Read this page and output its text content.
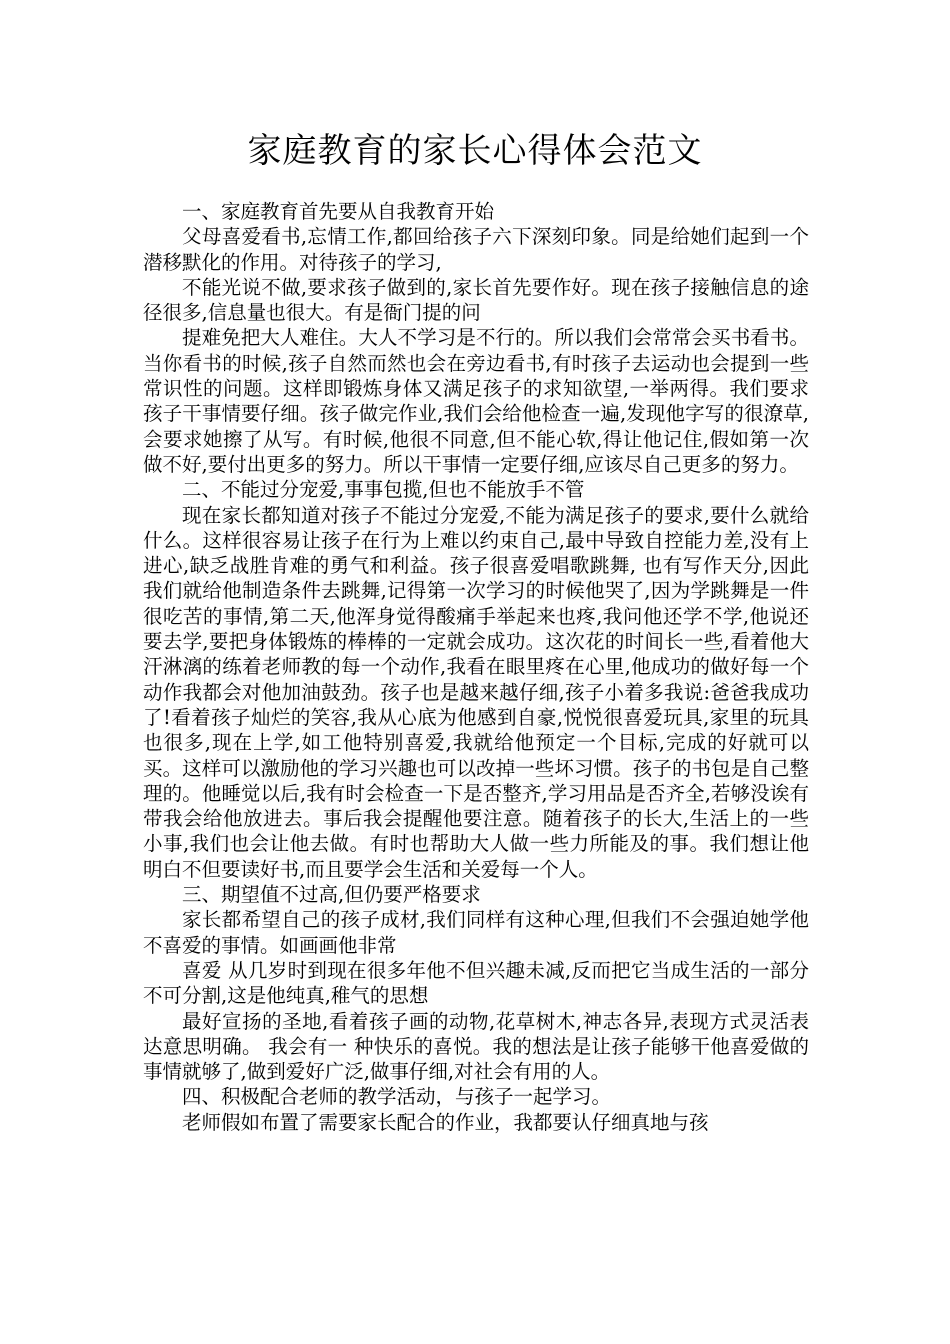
家庭教育的家长心得体会范文

一、家庭教育首先要从自我教育开始

父母喜爱看书,忘情工作,都回给孩子六下深刻印象。同是给她们起到一个潜移默化的作用。对待孩子的学习,

不能光说不做,要求孩子做到的,家长首先要作好。现在孩子接触信息的途径很多,信息量也很大。有是衙门提的问

提难免把大人难住。大人不学习是不行的。所以我们会常常会买书看书。当你看书的时候,孩子自然而然也会在旁边看书,有时孩子去运动也会提到一些常识性的问题。这样即锻炼身体又满足孩子的求知欲望,一举两得。我们要求孩子干事情要仔细。孩子做完作业,我们会给他检查一遍,发现他字写的很潦草,会要求她擦了从写。有时候,他很不同意,但不能心软,得让他记住,假如第一次做不好,要付出更多的努力。所以干事情一定要仔细,应该尽自己更多的努力。

二、不能过分宠爱,事事包揽,但也不能放手不管

现在家长都知道对孩子不能过分宠爱,不能为满足孩子的要求,要什么就给什么。这样很容易让孩子在行为上难以约束自己,最中导致自控能力差,没有上进心,缺乏战胜肯难的勇气和利益。孩子很喜爱唱歌跳舞, 也有写作天分,因此我们就给他制造条件去跳舞,记得第一次学习的时候他哭了,因为学跳舞是一件很吃苦的事情,第二天,他浑身觉得酸痛手举起来也疼,我问他还学不学,他说还要去学,要把身体锻炼的棒棒的一定就会成功。这次花的时间长一些,看着他大汗淋漓的练着老师教的每一个动作,我看在眼里疼在心里,他成功的做好每一个动作我都会对他加油鼓劲。孩子也是越来越仔细,孩子小着多我说:爸爸我成功了!看着孩子灿烂的笑容,我从心底为他感到自豪,悦悦很喜爱玩具,家里的玩具也很多,现在上学,如工他特别喜爱,我就给他预定一个目标,完成的好就可以买。这样可以激励他的学习兴趣也可以改掉一些坏习惯。孩子的书包是自己整理的。他睡觉以后,我有时会检查一下是否整齐,学习用品是否齐全,若够没诶有带我会给他放进去。事后我会提醒他要注意。随着孩子的长大,生活上的一些小事,我们也会让他去做。有时也帮助大人做一些力所能及的事。我们想让他明白不但要读好书,而且要学会生活和关爱每一个人。

三、期望值不过高,但仍要严格要求

家长都希望自己的孩子成材,我们同样有这种心理,但我们不会强迫她学他不喜爱的事情。如画画他非常

喜爱 从几岁时到现在很多年他不但兴趣未减,反而把它当成生活的一部分不可分割,这是他纯真,稚气的思想

最好宣扬的圣地,看着孩子画的动物,花草树木,神志各异,表现方式灵活表达意思明确。 我会有一 种快乐的喜悦。我的想法是让孩子能够干他喜爱做的事情就够了,做到爱好广泛,做事仔细,对社会有用的人。

四、积极配合老师的教学活动，与孩子一起学习。

老师假如布置了需要家长配合的作业，我都要认仔细真地与孩
